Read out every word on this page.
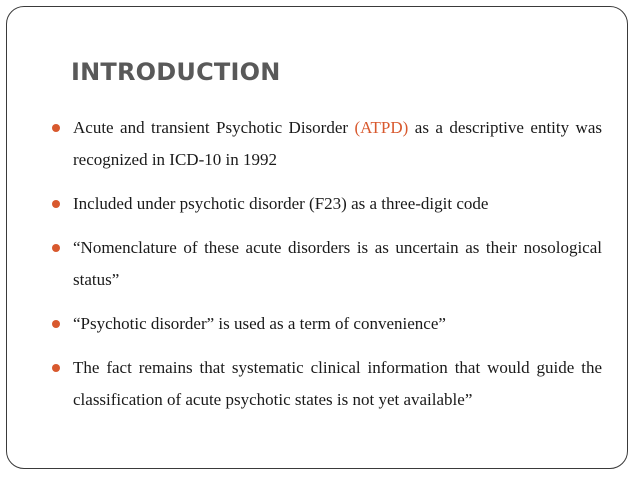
INTRODUCTION
Acute and transient Psychotic Disorder (ATPD) as a descriptive entity was recognized in ICD-10 in 1992
Included under psychotic disorder (F23) as a three-digit code
“Nomenclature of these acute disorders is as uncertain as their nosological status”
“Psychotic disorder” is used as a term of convenience”
The fact remains that systematic clinical information that would guide the classification of acute psychotic states is not yet available”
